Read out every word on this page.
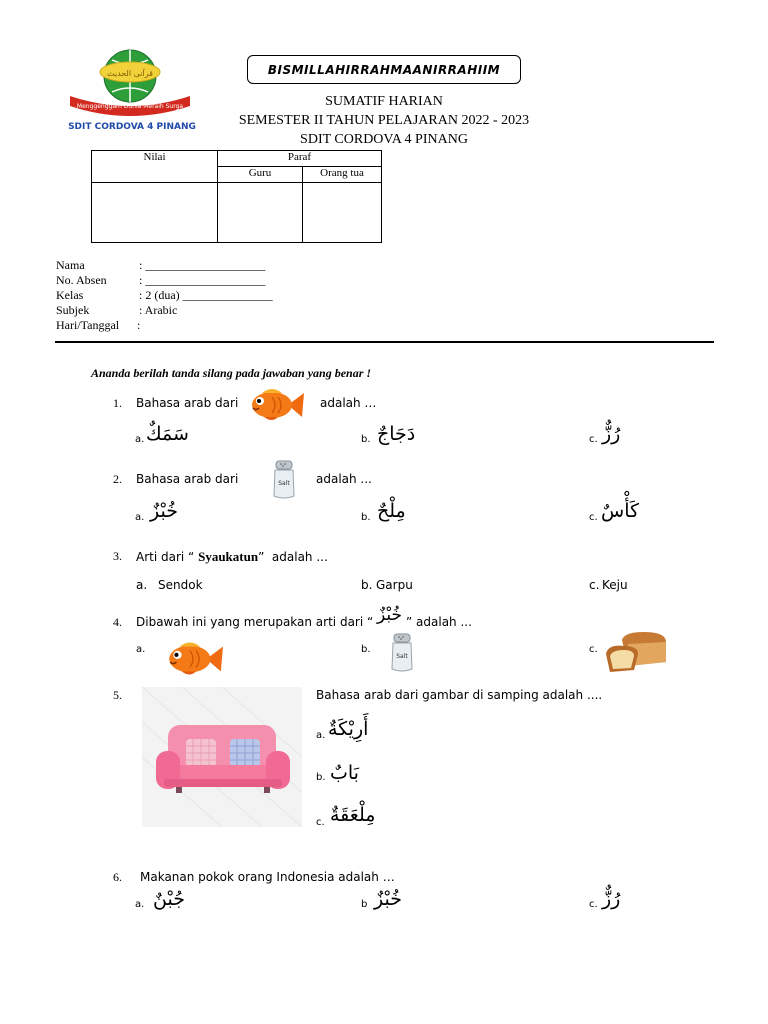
قرآنى الحديث
Menggenggam Dunia Meraih Surga
SDIT CORDOVA 4 PINANG
BISMILLAHIRRAHMAANIRRAHIIM
SUMATIF HARIAN
SEMESTER II TAHUN PELAJARAN 2022 - 2023
SDIT CORDOVA 4 PINANG
Nilai	Paraf	
	Guru	Orang tua

Nama	: ____________________
No. Absen	: ____________________
Kelas	: 2 (dua) _______________
Subjek	: Arabic
Hari/Tanggal :
Ananda berilah tanda silang pada jawaban yang benar !
1. Bahasa arab dari	adalah …
a. سَمَكٌ	b. دَجَاجٌ	c. رُزٌّ
2. Bahasa arab dari	Salt adalah ...
a. خُبْزٌ	b. مِلْحٌ	c. كَأْسٌ
3. Arti dari “ Syaukatun”  adalah ...
a. Sendok	b. Garpu	c. Keju
4. Dibawah ini yang merupakan arti dari “ خُبْزٌ ” adalah ...
a.	b.
Salt
c.
5.	Bahasa arab dari gambar di samping adalah ....
a. أَرِيْكَةٌ
b. بَابٌ
c. مِلْعَقَةٌ
6. Makanan pokok orang Indonesia adalah …
a. جُبْنٌ	b خُبْزٌ	c. رُزٌّ
